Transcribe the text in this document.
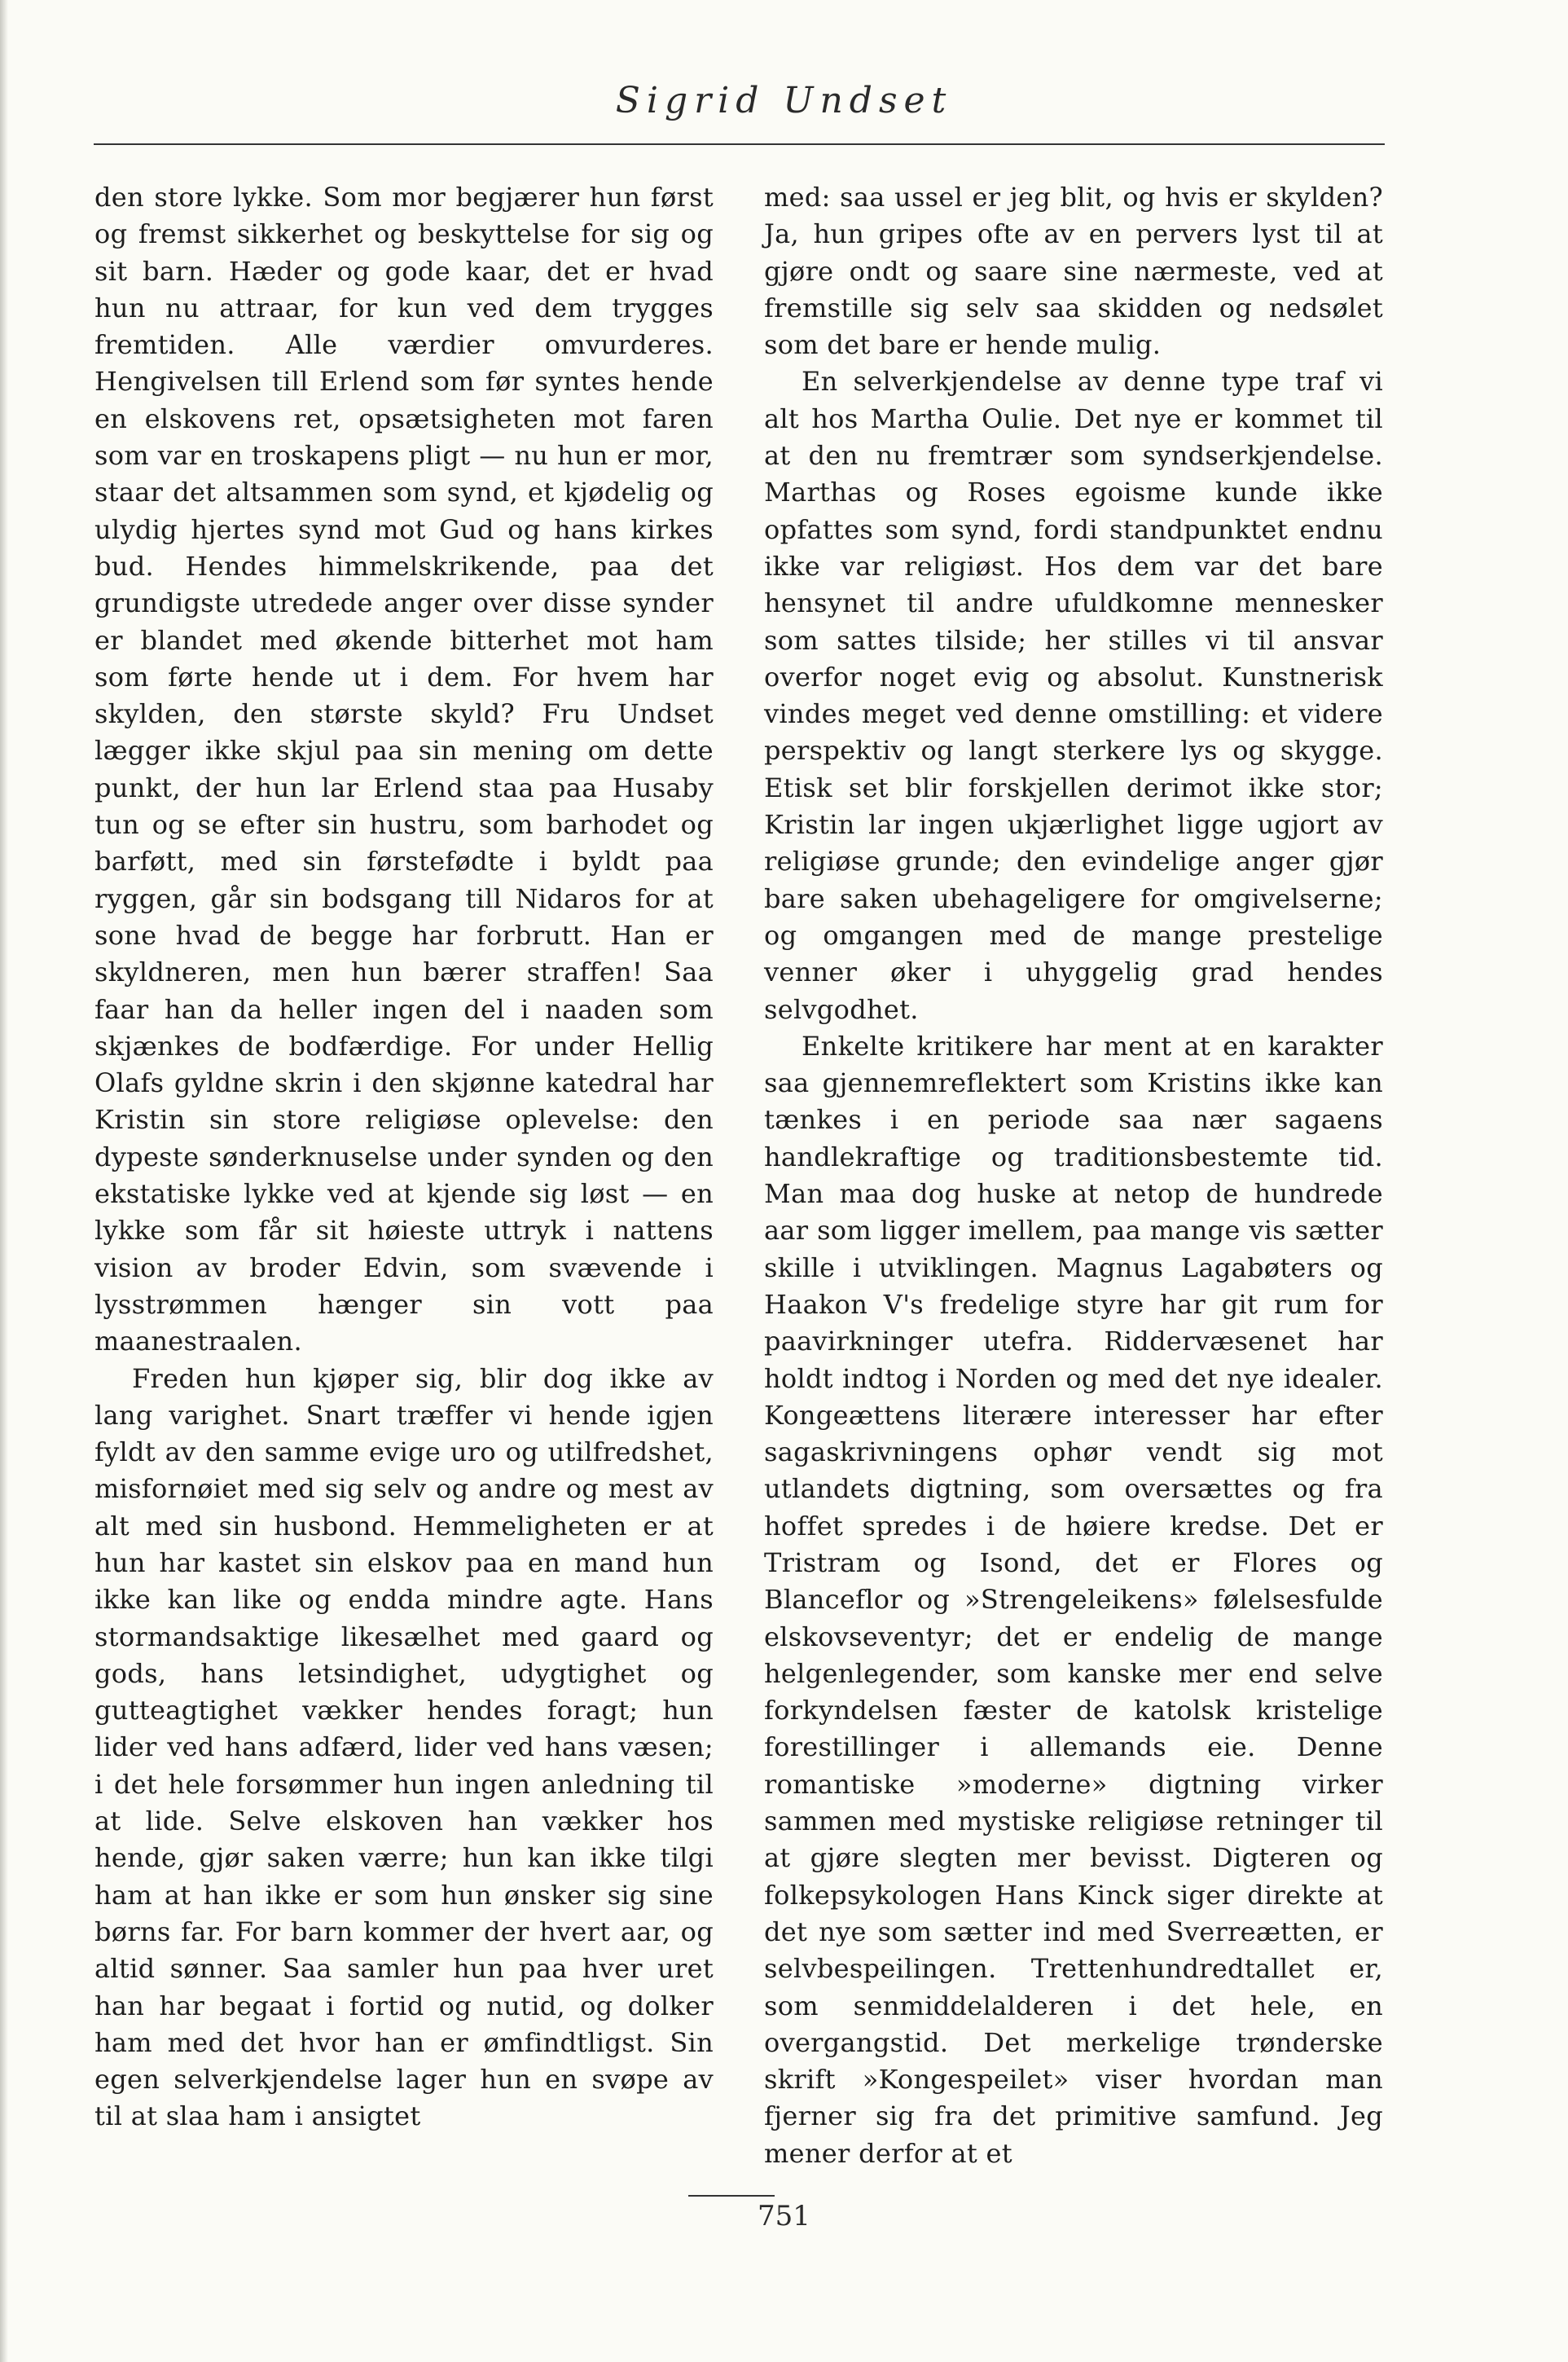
Sigrid Undset

den store lykke. Som mor begjærer hun først og fremst sikkerhet og beskyttelse for sig og sit barn. Hæder og gode kaar, det er hvad hun nu attraar, for kun ved dem trygges fremtiden. Alle værdier omvurderes. Hengivelsen till Erlend som før syntes hende en elskovens ret, opsætsigheten mot faren som var en troskapens pligt — nu hun er mor, staar det altsammen som synd, et kjødelig og ulydig hjertes synd mot Gud og hans kirkes bud. Hendes himmelskrikende, paa det grundigste utredede anger over disse synder er blandet med økende bitterhet mot ham som førte hende ut i dem. For hvem har skylden, den største skyld? Fru Undset lægger ikke skjul paa sin mening om dette punkt, der hun lar Erlend staa paa Husaby tun og se efter sin hustru, som barhodet og barføtt, med sin førstefødte i byldt paa ryggen, går sin bodsgang till Nidaros for at sone hvad de begge har forbrutt. Han er skyldneren, men hun bærer straffen! Saa faar han da heller ingen del i naaden som skjænkes de bodfærdige. For under Hellig Olafs gyldne skrin i den skjønne katedral har Kristin sin store religiøse oplevelse: den dypeste sønderknuselse under synden og den ekstatiske lykke ved at kjende sig løst — en lykke som får sit høieste uttryk i nattens vision av broder Edvin, som svævende i lysstrømmen hænger sin vott paa maanestraalen.

Freden hun kjøper sig, blir dog ikke av lang varighet. Snart træffer vi hende igjen fyldt av den samme evige uro og utilfredshet, misfornøiet med sig selv og andre og mest av alt med sin husbond. Hemmeligheten er at hun har kastet sin elskov paa en mand hun ikke kan like og endda mindre agte. Hans stormandsaktige likesælhet med gaard og gods, hans letsindighet, udygtighet og gutteagtighet vækker hendes foragt; hun lider ved hans adfærd, lider ved hans væsen; i det hele forsømmer hun ingen anledning til at lide. Selve elskoven han vækker hos hende, gjør saken værre; hun kan ikke tilgi ham at han ikke er som hun ønsker sig sine børns far. For barn kommer der hvert aar, og altid sønner. Saa samler hun paa hver uret han har begaat i fortid og nutid, og dolker ham med det hvor han er ømfindtligst. Sin egen selverkjendelse lager hun en svøpe av til at slaa ham i ansigtet

med: saa ussel er jeg blit, og hvis er skylden? Ja, hun gripes ofte av en pervers lyst til at gjøre ondt og saare sine nærmeste, ved at fremstille sig selv saa skidden og nedsølet som det bare er hende mulig.

En selverkjendelse av denne type traf vi alt hos Martha Oulie. Det nye er kommet til at den nu fremtrær som syndserkjendelse. Marthas og Roses egoisme kunde ikke opfattes som synd, fordi standpunktet endnu ikke var religiøst. Hos dem var det bare hensynet til andre ufuldkomne mennesker som sattes tilside; her stilles vi til ansvar overfor noget evig og absolut. Kunstnerisk vindes meget ved denne omstilling: et videre perspektiv og langt sterkere lys og skygge. Etisk set blir forskjellen derimot ikke stor; Kristin lar ingen ukjærlighet ligge ugjort av religiøse grunde; den evindelige anger gjør bare saken ubehageligere for omgivelserne; og omgangen med de mange prestelige venner øker i uhyggelig grad hendes selvgodhet.

Enkelte kritikere har ment at en karakter saa gjennemreflektert som Kristins ikke kan tænkes i en periode saa nær sagaens handlekraftige og traditionsbestemte tid. Man maa dog huske at netop de hundrede aar som ligger imellem, paa mange vis sætter skille i utviklingen. Magnus Lagabøters og Haakon V's fredelige styre har git rum for paavirkninger utefra. Riddervæsenet har holdt indtog i Norden og med det nye idealer. Kongeættens literære interesser har efter sagaskrivningens ophør vendt sig mot utlandets digtning, som oversættes og fra hoffet spredes i de høiere kredse. Det er Tristram og Isond, det er Flores og Blanceflor og »Strengeleikens» følelsesfulde elskovseventyr; det er endelig de mange helgenlegender, som kanske mer end selve forkyndelsen fæster de katolsk kristelige forestillinger i allemands eie. Denne romantiske »moderne» digtning virker sammen med mystiske religiøse retninger til at gjøre slegten mer bevisst. Digteren og folkepsykologen Hans Kinck siger direkte at det nye som sætter ind med Sverreætten, er selvbespeilingen. Trettenhundredtallet er, som senmiddelalderen i det hele, en overgangstid. Det merkelige trønderske skrift »Kongespeilet» viser hvordan man fjerner sig fra det primitive samfund. Jeg mener derfor at et

751
